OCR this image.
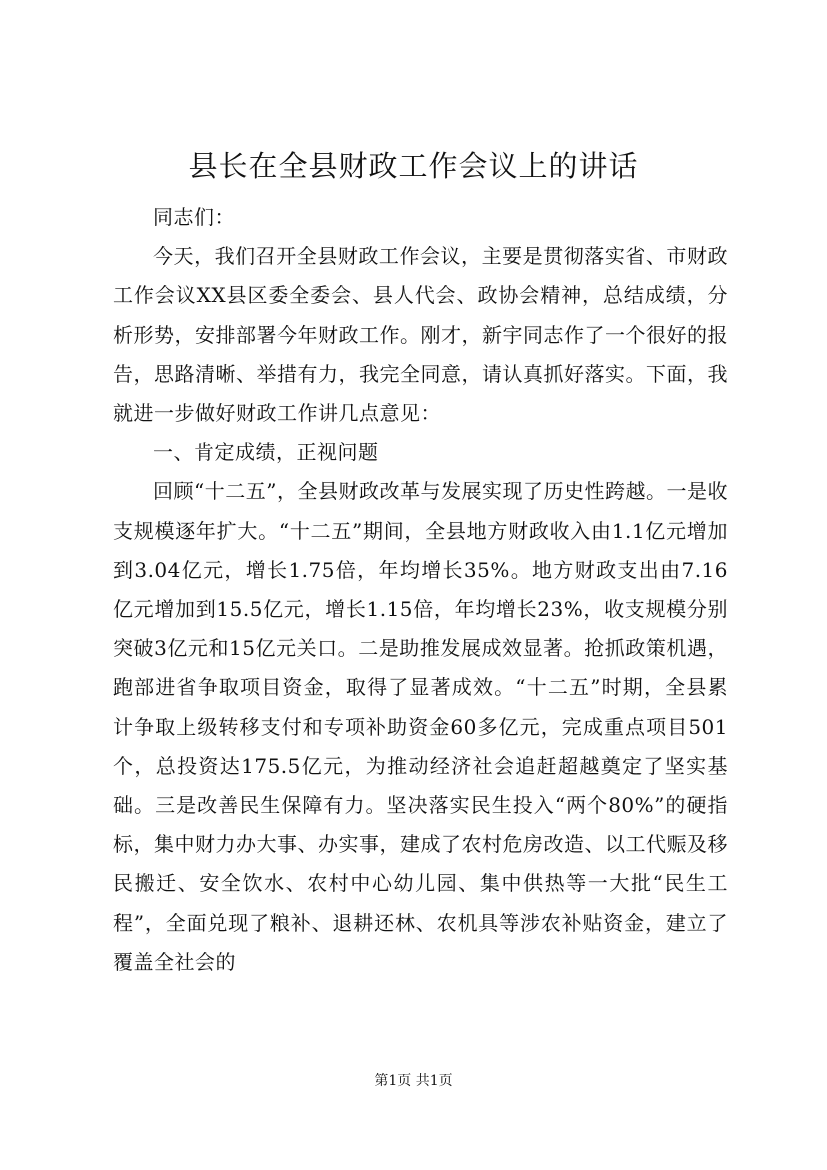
县长在全县财政工作会议上的讲话

同志们：

今天，我们召开全县财政工作会议，主要是贯彻落实省、市财政工作会议XX县区委全委会、县人代会、政协会精神，总结成绩，分析形势，安排部署今年财政工作。刚才，新宇同志作了一个很好的报告，思路清晰、举措有力，我完全同意，请认真抓好落实。下面，我就进一步做好财政工作讲几点意见：

一、肯定成绩，正视问题

回顾“十二五”，全县财政改革与发展实现了历史性跨越。一是收支规模逐年扩大。“十二五”期间，全县地方财政收入由1.1亿元增加到3.04亿元，增长1.75倍，年均增长35%。地方财政支出由7.16亿元增加到15.5亿元，增长1.15倍，年均增长23%，收支规模分别突破3亿元和15亿元关口。二是助推发展成效显著。抢抓政策机遇，跑部进省争取项目资金，取得了显著成效。“十二五”时期，全县累计争取上级转移支付和专项补助资金60多亿元，完成重点项目501个，总投资达175.5亿元，为推动经济社会追赶超越奠定了坚实基础。三是改善民生保障有力。坚决落实民生投入“两个80%”的硬指标，集中财力办大事、办实事，建成了农村危房改造、以工代赈及移民搬迁、安全饮水、农村中心幼儿园、集中供热等一大批“民生工程”，全面兑现了粮补、退耕还林、农机具等涉农补贴资金，建立了覆盖全社会的

第1页 共1页
